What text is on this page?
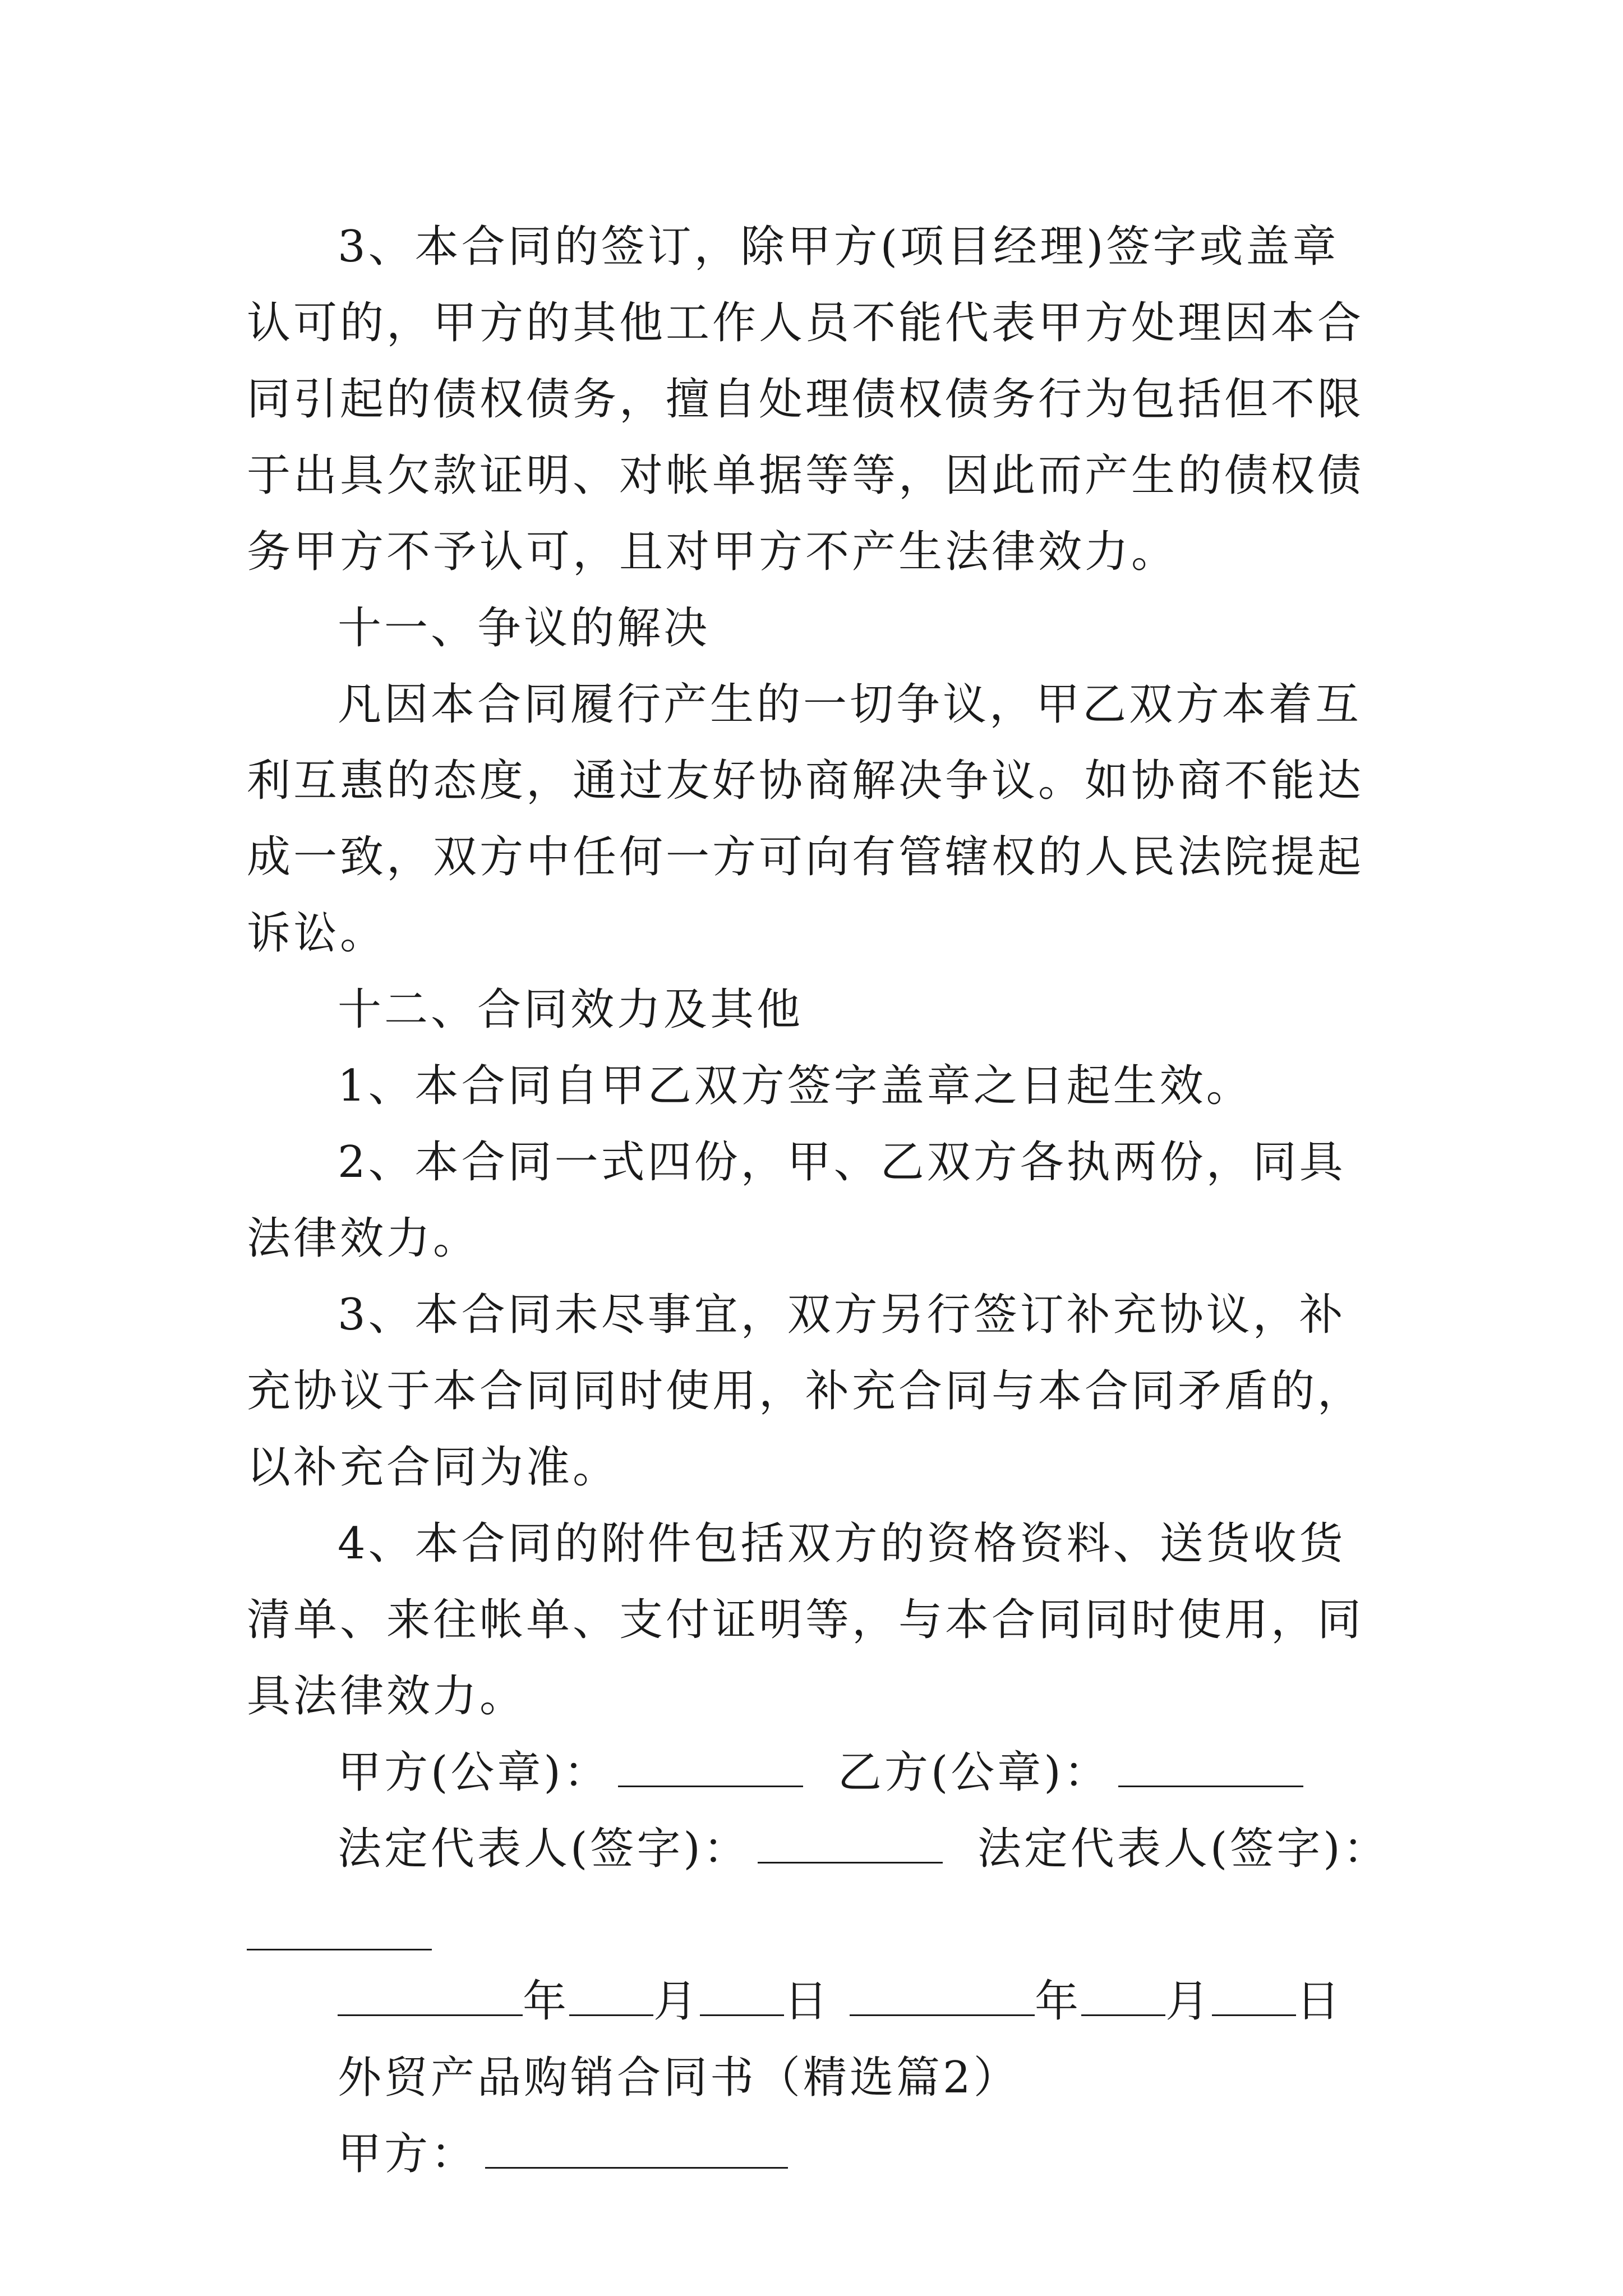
3、本合同的签订，除甲方(项目经理)签字或盖章认可的，甲方的其他工作人员不能代表甲方处理因本合同引起的债权债务，擅自处理债权债务行为包括但不限于出具欠款证明、对帐单据等等，因此而产生的债权债务甲方不予认可，且对甲方不产生法律效力。

十一、争议的解决

凡因本合同履行产生的一切争议，甲乙双方本着互利互惠的态度，通过友好协商解决争议。如协商不能达成一致，双方中任何一方可向有管辖权的人民法院提起诉讼。

十二、合同效力及其他

1、本合同自甲乙双方签字盖章之日起生效。

2、本合同一式四份，甲、乙双方各执两份，同具法律效力。

3、本合同未尽事宜，双方另行签订补充协议，补充协议于本合同同时使用，补充合同与本合同矛盾的，以补充合同为准。

4、本合同的附件包括双方的资格资料、送货收货清单、来往帐单、支付证明等，与本合同同时使用，同具法律效力。

甲方(公章)：	乙方(公章)：

法定代表人(签字)：	法定代表人(签字)：

年 月 日	年 月 日

外贸产品购销合同书（精选篇2）

甲方：
